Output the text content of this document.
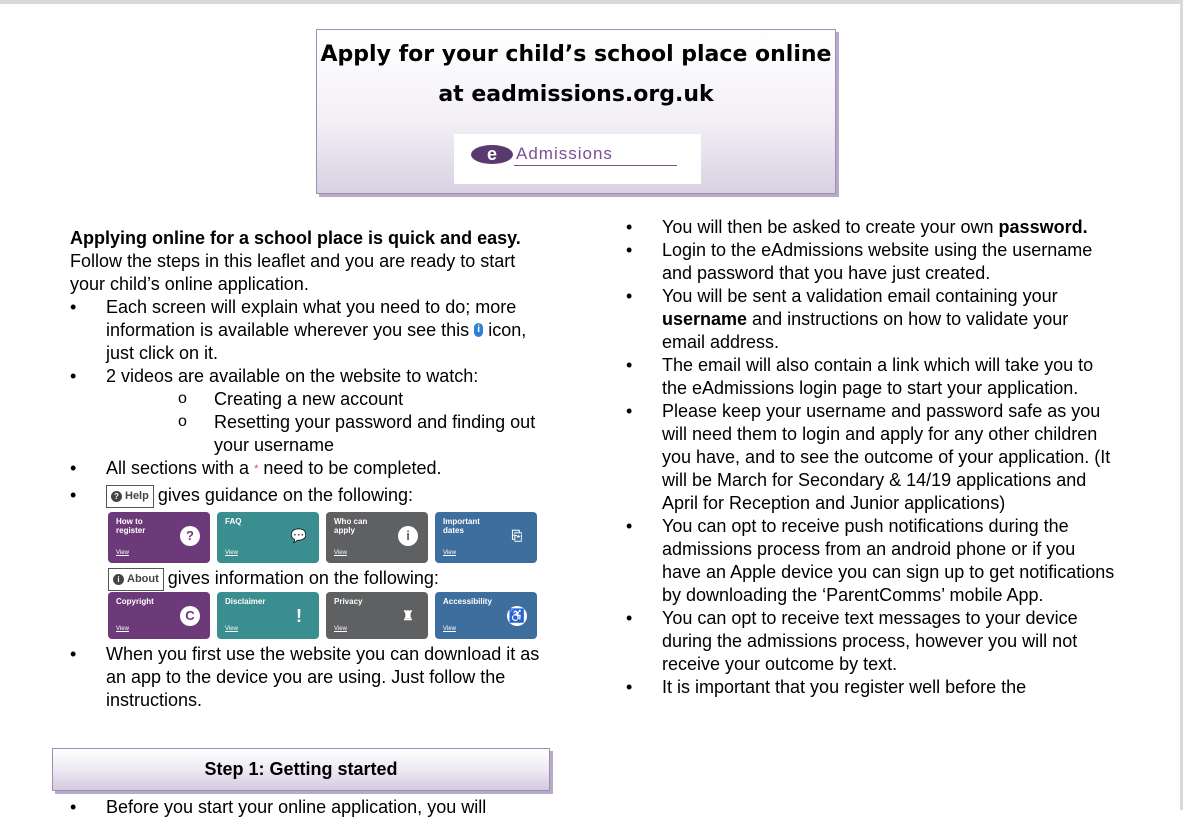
Apply for your child’s school place online
at eadmissions.org.uk
e	Admissions

Applying online for a school place is quick and easy. Follow the steps in this leaflet and you are ready to start your child’s online application.

• Each screen will explain what you need to do; more information is available wherever you see this i icon, just click on it.
• 2 videos are available on the website to watch:
o Creating a new account
o Resetting your password and finding out your username
• All sections with a * need to be completed.
• ? Help gives guidance on the following:
How to register	?
View
FAQ
💬
View
Who can apply	i
View
Important dates	⎘
View
i About gives information on the following:
Copyright
C
View
Disclaimer
!
View
Privacy
♜
View
Accessibility
♿
View
• When you first use the website you can download it as an app to the device you are using. Just follow the instructions.
Step 1: Getting started
• Before you start your online application, you will
• You will then be asked to create your own password.
• Login to the eAdmissions website using the username and password that you have just created.
• You will be sent a validation email containing your username and instructions on how to validate your email address.
• The email will also contain a link which will take you to the eAdmissions login page to start your application.
• Please keep your username and password safe as you will need them to login and apply for any other children you have, and to see the outcome of your application. (It will be March for Secondary & 14/19 applications and April for Reception and Junior applications)
• You can opt to receive push notifications during the admissions process from an android phone or if you have an Apple device you can sign up to get notifications by downloading the ‘ParentComms’ mobile App.
• You can opt to receive text messages to your device during the admissions process, however you will not receive your outcome by text.
• It is important that you register well before the
